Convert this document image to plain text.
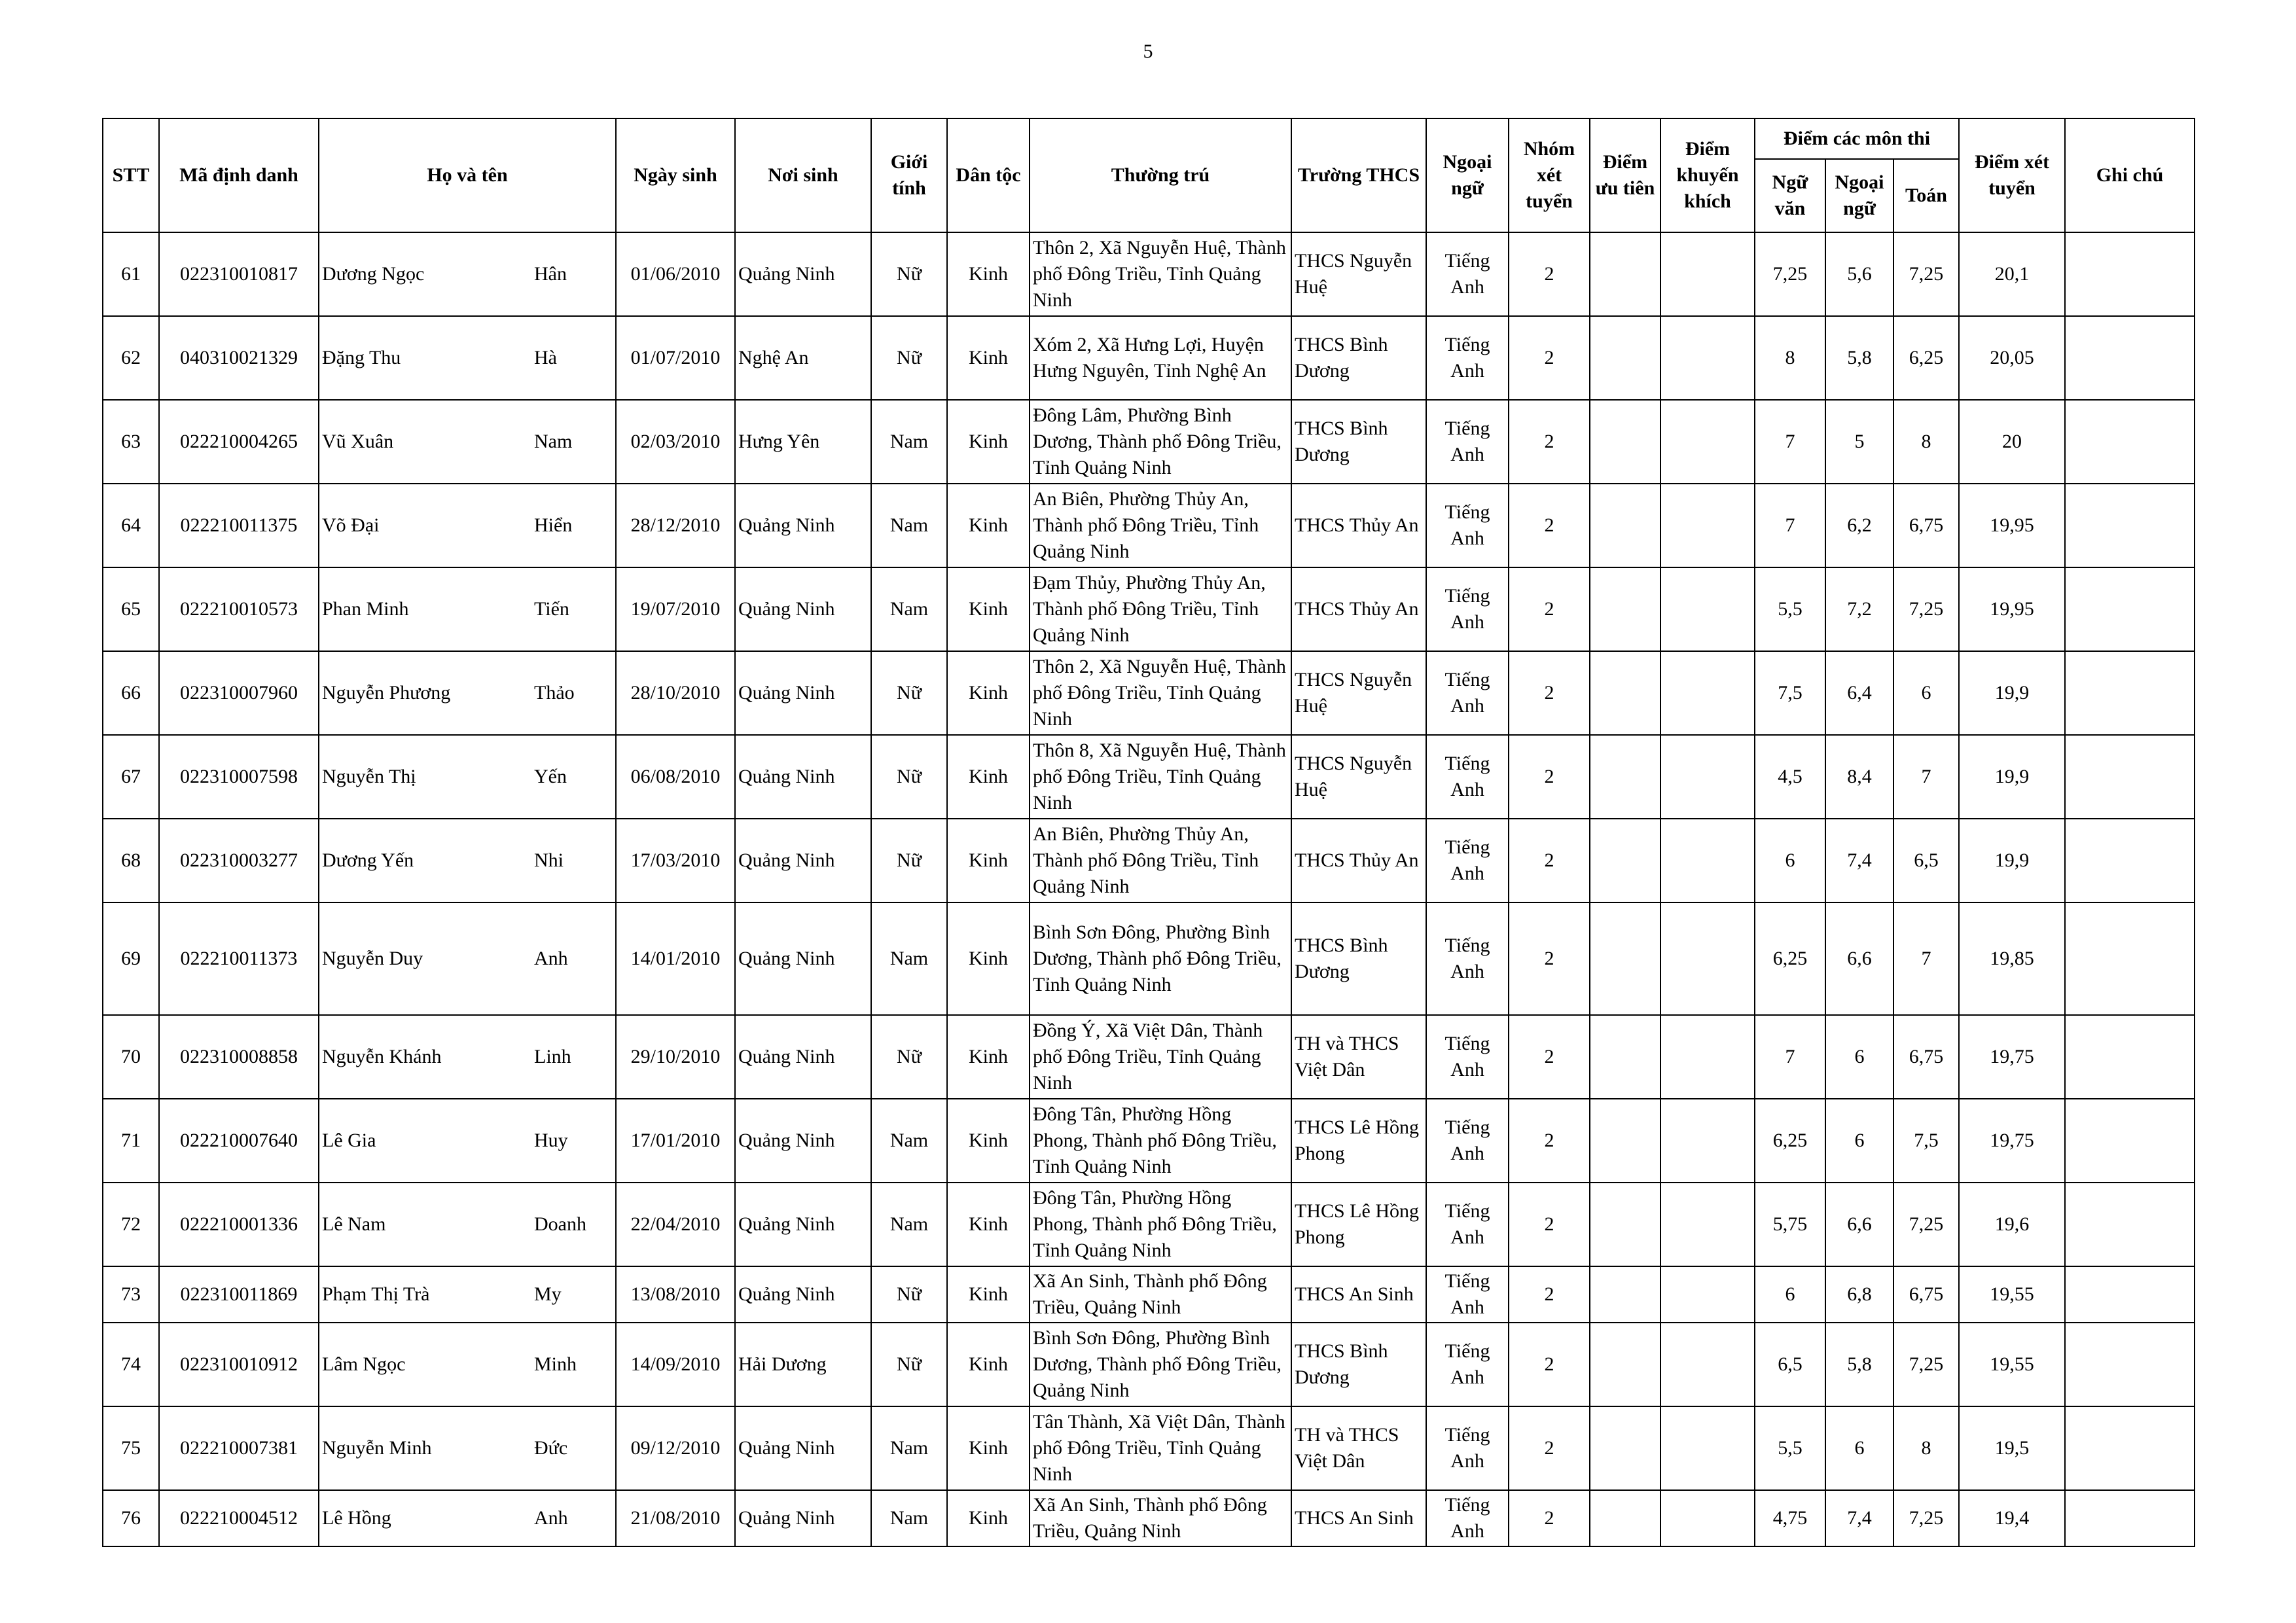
5
STT	Mã định danh	Họ và tên	Ngày sinh	Nơi sinh	Giới tính	Dân tộc	Thường trú	Trường THCS	Ngoại ngữ	Nhóm xét tuyển	Điểm ưu tiên	Điểm khuyến khích	Điểm các môn thi			Điểm xét tuyển	Ghi chú
													Ngữ văn	Ngoại ngữ	Toán		
61	022310010817	Dương Ngọc Hân	01/06/2010	Quảng Ninh	Nữ	Kinh	Thôn 2, Xã Nguyễn Huệ, Thành phố Đông Triều, Tỉnh Quảng Ninh	THCS Nguyễn Huệ	Tiếng Anh	2			7,25	5,6	7,25	20,1	
62	040310021329	Đặng Thu Hà	01/07/2010	Nghệ An	Nữ	Kinh	Xóm 2, Xã Hưng Lợi, Huyện Hưng Nguyên, Tỉnh Nghệ An	THCS Bình Dương	Tiếng Anh	2			8	5,8	6,25	20,05	
63	022210004265	Vũ Xuân Nam	02/03/2010	Hưng Yên	Nam	Kinh	Đông Lâm, Phường Bình Dương, Thành phố Đông Triều, Tỉnh Quảng Ninh	THCS Bình Dương	Tiếng Anh	2			7	5	8	20	
64	022210011375	Võ Đại Hiển	28/12/2010	Quảng Ninh	Nam	Kinh	An Biên, Phường Thủy An, Thành phố Đông Triều, Tỉnh Quảng Ninh	THCS Thủy An	Tiếng Anh	2			7	6,2	6,75	19,95	
65	022210010573	Phan Minh Tiến	19/07/2010	Quảng Ninh	Nam	Kinh	Đạm Thủy, Phường Thủy An, Thành phố Đông Triều, Tỉnh Quảng Ninh	THCS Thủy An	Tiếng Anh	2			5,5	7,2	7,25	19,95	
66	022310007960	Nguyễn Phương Thảo	28/10/2010	Quảng Ninh	Nữ	Kinh	Thôn 2, Xã Nguyễn Huệ, Thành phố Đông Triều, Tỉnh Quảng Ninh	THCS Nguyễn Huệ	Tiếng Anh	2			7,5	6,4	6	19,9	
67	022310007598	Nguyễn Thị Yến	06/08/2010	Quảng Ninh	Nữ	Kinh	Thôn 8, Xã Nguyễn Huệ, Thành phố Đông Triều, Tỉnh Quảng Ninh	THCS Nguyễn Huệ	Tiếng Anh	2			4,5	8,4	7	19,9	
68	022310003277	Dương Yến Nhi	17/03/2010	Quảng Ninh	Nữ	Kinh	An Biên, Phường Thủy An, Thành phố Đông Triều, Tỉnh Quảng Ninh	THCS Thủy An	Tiếng Anh	2			6	7,4	6,5	19,9	
69	022210011373	Nguyễn Duy Anh	14/01/2010	Quảng Ninh	Nam	Kinh	Bình Sơn Đông, Phường Bình Dương, Thành phố Đông Triều, Tỉnh Quảng Ninh	THCS Bình Dương	Tiếng Anh	2			6,25	6,6	7	19,85	
70	022310008858	Nguyễn Khánh Linh	29/10/2010	Quảng Ninh	Nữ	Kinh	Đồng Ý, Xã Việt Dân, Thành phố Đông Triều, Tỉnh Quảng Ninh	TH và THCS Việt Dân	Tiếng Anh	2			7	6	6,75	19,75	
71	022210007640	Lê Gia Huy	17/01/2010	Quảng Ninh	Nam	Kinh	Đông Tân, Phường Hồng Phong, Thành phố Đông Triều, Tỉnh Quảng Ninh	THCS Lê Hồng Phong	Tiếng Anh	2			6,25	6	7,5	19,75	
72	022210001336	Lê Nam Doanh	22/04/2010	Quảng Ninh	Nam	Kinh	Đông Tân, Phường Hồng Phong, Thành phố Đông Triều, Tỉnh Quảng Ninh	THCS Lê Hồng Phong	Tiếng Anh	2			5,75	6,6	7,25	19,6	
73	022310011869	Phạm Thị Trà My	13/08/2010	Quảng Ninh	Nữ	Kinh	Xã An Sinh, Thành phố Đông Triều, Quảng Ninh	THCS An Sinh	Tiếng Anh	2			6	6,8	6,75	19,55	
74	022310010912	Lâm Ngọc Minh	14/09/2010	Hải Dương	Nữ	Kinh	Bình Sơn Đông, Phường Bình Dương, Thành phố Đông Triều, Quảng Ninh	THCS Bình Dương	Tiếng Anh	2			6,5	5,8	7,25	19,55	
75	022210007381	Nguyễn Minh Đức	09/12/2010	Quảng Ninh	Nam	Kinh	Tân Thành, Xã Việt Dân, Thành phố Đông Triều, Tỉnh Quảng Ninh	TH và THCS Việt Dân	Tiếng Anh	2			5,5	6	8	19,5	
76	022210004512	Lê Hồng Anh	21/08/2010	Quảng Ninh	Nam	Kinh	Xã An Sinh, Thành phố Đông Triều, Quảng Ninh	THCS An Sinh	Tiếng Anh	2			4,75	7,4	7,25	19,4	
